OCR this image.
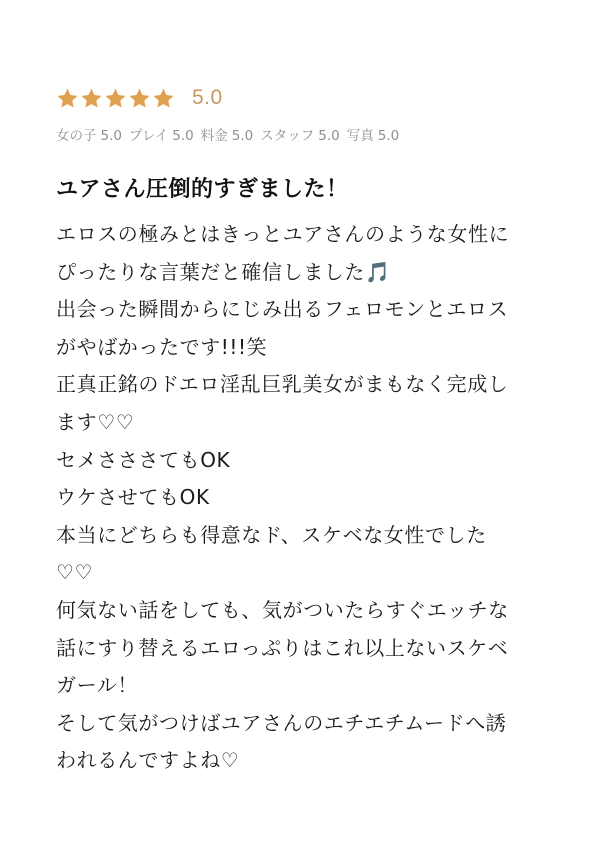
5.0
女の子 5.0 プレイ 5.0 料金 5.0 スタッフ 5.0 写真 5.0
ユアさん圧倒的すぎました！
エロスの極みとはきっとユアさんのような女性に
ぴったりな言葉だと確信しました🎵
出会った瞬間からにじみ出るフェロモンとエロス
がやばかったです!!!笑
正真正銘のドエロ淫乱巨乳美女がまもなく完成し
ます♡♡
セメさささてもOK
ウケさせてもOK
本当にどちらも得意なド、スケベな女性でした
♡♡
何気ない話をしても、気がついたらすぐエッチな
話にすり替えるエロっぷりはこれ以上ないスケベ
ガール！
そして気がつけばユアさんのエチエチムードへ誘
われるんですよね♡
